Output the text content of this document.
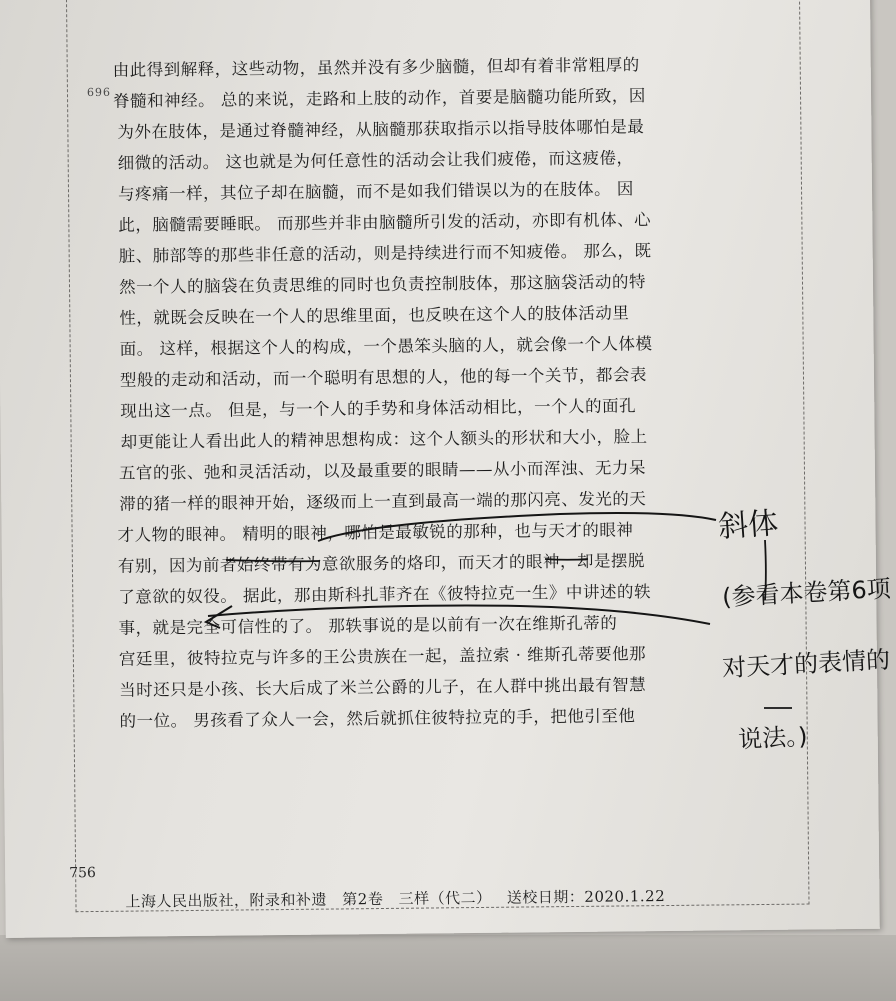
696
由此得到解释，这些动物，虽然并没有多少脑髓，但却有着非常粗厚的
脊髓和神经。 总的来说，走路和上肢的动作，首要是脑髓功能所致，因
为外在肢体，是通过脊髓神经，从脑髓那获取指示以指导肢体哪怕是最
细微的活动。 这也就是为何任意性的活动会让我们疲倦，而这疲倦，
与疼痛一样，其位子却在脑髓，而不是如我们错误以为的在肢体。 因
此，脑髓需要睡眠。 而那些并非由脑髓所引发的活动，亦即有机体、心
脏、肺部等的那些非任意的活动，则是持续进行而不知疲倦。 那么，既
然一个人的脑袋在负责思维的同时也负责控制肢体，那这脑袋活动的特
性，就既会反映在一个人的思维里面，也反映在这个人的肢体活动里
面。 这样，根据这个人的构成，一个愚笨头脑的人，就会像一个人体模
型般的走动和活动，而一个聪明有思想的人，他的每一个关节，都会表
现出这一点。 但是，与一个人的手势和身体活动相比，一个人的面孔
却更能让人看出此人的精神思想构成：这个人额头的形状和大小，脸上
五官的张、弛和灵活活动，以及最重要的眼睛——从小而浑浊、无力呆
滞的猪一样的眼神开始，逐级而上一直到最高一端的那闪亮、发光的天
才人物的眼神。 精明的眼神，哪怕是最敏锐的那种，也与天才的眼神
有别，因为前者始终带有为意欲服务的烙印，而天才的眼神，却是摆脱
了意欲的奴役。 据此，那由斯科扎菲齐在《彼特拉克一生》中讲述的轶
事，就是完全可信性的了。 那轶事说的是以前有一次在维斯孔蒂的
宫廷里，彼特拉克与许多的王公贵族在一起，盖拉索 · 维斯孔蒂要他那
当时还只是小孩、长大后成了米兰公爵的儿子，在人群中挑出最有智慧
的一位。 男孩看了众人一会，然后就抓住彼特拉克的手，把他引至他
756
上海人民出版社，附录和补遗 第2卷 三样（代二） 送校日期：2020.1.22
斜体
(参看本卷第6项
对天才的表情的
说法。)
